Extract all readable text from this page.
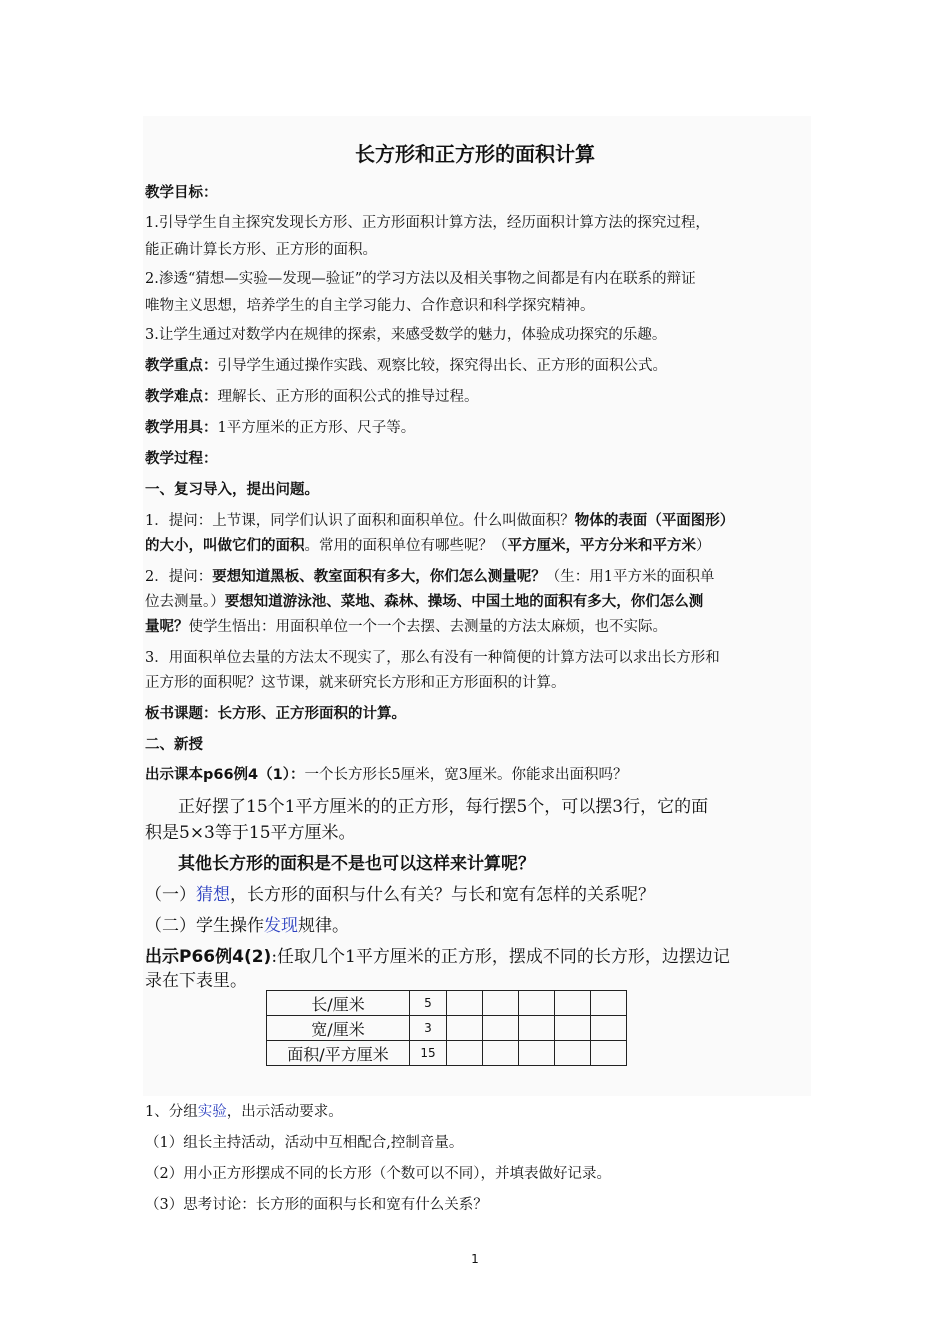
长方形和正方形的面积计算
教学目标：
1.引导学生自主探究发现长方形、正方形面积计算方法，经历面积计算方法的探究过程，
能正确计算长方形、正方形的面积。
2.渗透“猜想—实验—发现—验证”的学习方法以及相关事物之间都是有内在联系的辩证
唯物主义思想，培养学生的自主学习能力、合作意识和科学探究精神。
3.让学生通过对数学内在规律的探索，来感受数学的魅力，体验成功探究的乐趣。
教学重点：引导学生通过操作实践、观察比较，探究得出长、正方形的面积公式。
教学难点：理解长、正方形的面积公式的推导过程。
教学用具：1平方厘米的正方形、尺子等。
教学过程：
一、复习导入，提出问题。
1．提问：上节课，同学们认识了面积和面积单位。什么叫做面积？物体的表面（平面图形）
的大小，叫做它们的面积。常用的面积单位有哪些呢？（平方厘米，平方分米和平方米）
2．提问：要想知道黑板、教室面积有多大，你们怎么测量呢？（生：用1平方米的面积单
位去测量。）要想知道游泳池、菜地、森林、操场、中国土地的面积有多大，你们怎么测
量呢？使学生悟出：用面积单位一个一个去摆、去测量的方法太麻烦，也不实际。
3．用面积单位去量的方法太不现实了，那么有没有一种简便的计算方法可以求出长方形和
正方形的面积呢？这节课，就来研究长方形和正方形面积的计算。
板书课题：长方形、正方形面积的计算。
二、新授
出示课本p66例4（1）：一个长方形长5厘米，宽3厘米。你能求出面积吗？
正好摆了15个1平方厘米的的正方形，每行摆5个，可以摆3行，它的面
积是5×3等于15平方厘米。
其他长方形的面积是不是也可以这样来计算呢？
（一）猜想，长方形的面积与什么有关？与长和宽有怎样的关系呢？
（二）学生操作发现规律。
出示P66例4(2):任取几个1平方厘米的正方形，摆成不同的长方形，边摆边记
录在下表里。
长/厘米	5					
宽/厘米	3					
面积/平方厘米	15					
1、分组实验，出示活动要求。
（1）组长主持活动，活动中互相配合,控制音量。
（2）用小正方形摆成不同的长方形（个数可以不同），并填表做好记录。
（3）思考讨论：长方形的面积与长和宽有什么关系？
1
